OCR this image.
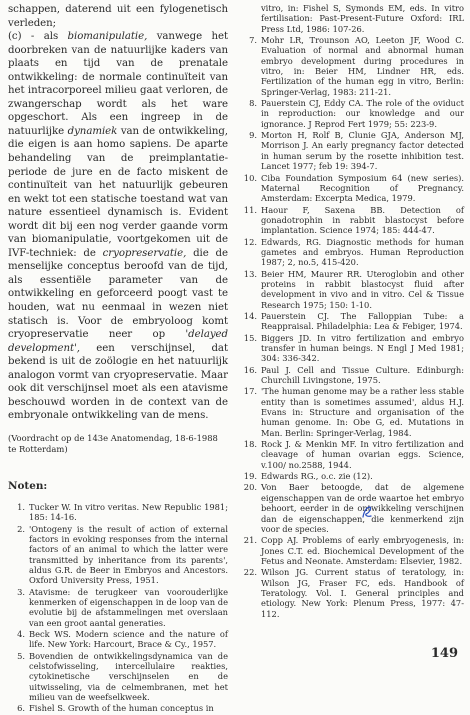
schappen, daterend uit een fylogenetisch verleden;

(c) - als biomanipulatie, vanwege het doorbreken van de natuurlijke kaders van plaats en tijd van de prenatale ontwikkeling: de normale continuïteit van het intracorporeel milieu gaat verloren, de zwangerschap wordt als het ware opgeschort. Als een ingreep in de natuurlijke dynamiek van de ontwikkeling, die eigen is aan homo sapiens. De aparte behandeling van de preimplantatie-periode de jure en de facto miskent de continuïteit van het natuurlijk gebeuren en wekt tot een statische toestand wat van nature essentieel dynamisch is. Evident wordt dit bij een nog verder gaande vorm van biomanipulatie, voortgekomen uit de IVF-techniek: de cryopreservatie, die de menselijke conceptus beroofd van de tijd, als essentiële parameter van de ontwikkeling en geforceerd poogt vast te houden, wat nu eenmaal in wezen niet statisch is. Voor de embryoloog komt cryopreservatie neer op 'delayed development', een verschijnsel, dat bekend is uit de zoölogie en het natuurlijk analogon vormt van cryopreservatie. Maar ook dit verschijnsel moet als een atavisme beschouwd worden in de context van de embryonale ontwikkeling van de mens.

(Voordracht op de 143e Anatomendag, 18-6-1988 te Rotterdam)

Noten:
1. Tucker W. In vitro veritas. New Republic 1981; 185: 14-16.
2. 'Ontogeny is the result of action of external factors in evoking responses from the internal factors of an animal to which the latter were transmitted by inheritance from its parents', aldus G.R. de Beer in Embryos and Ancestors. Oxford University Press, 1951.
3. Atavisme: de terugkeer van voorouderlijke kenmerken of eigenschappen in de loop van de evolutie bij de afstammelingen met overslaan van een groot aantal generaties.
4. Beck WS. Modern science and the nature of life. New York: Harcourt, Brace & Cy., 1957.
5. Bovendien de ontwikkelingsdynamica van de celstofwisseling, intercellulaire reakties, cytokinetische verschijnselen en de uitwisseling, via de celmembranen, met het milieu van de weefselkweek.
6. Fishel S. Growth of the human conceptus in
vitro, in: Fishel S, Symonds EM, eds. In vitro fertilisation: Past-Present-Future Oxford: IRL Press Ltd, 1986: 107-26.
7. Mohr LR, Trounson AO, Leeton JF, Wood C. Evaluation of normal and abnormal human embryo development during procedures in vitro, in: Beier HM, Lindner HR, eds. Fertilization of the human egg in vitro, Berlin: Springer-Verlag, 1983: 211-21.
8. Pauerstein CJ, Eddy CA. The role of the oviduct in reproduction: our knowledge and our ignorance. J Reprod Fert 1979; 55: 223-9.
9. Morton H, Rolf B, Clunie GJA, Anderson MJ, Morrison J. An early pregnancy factor detected in human serum by the rosette inhibition test. Lancet 1977; feb 19: 394-7.
10. Ciba Foundation Symposium 64 (new series). Maternal Recognition of Pregnancy. Amsterdam: Excerpta Medica, 1979.
11. Haour F, Saxena BB. Detection of gonadotrophin in rabbit blastocyst before implantation. Science 1974; 185: 444-47.
12. Edwards, RG. Diagnostic methods for human gametes and embryos. Human Reproduction 1987; 2, no.5, 415-420.
13. Beier HM, Maurer RR. Uteroglobin and other proteins in rabbit blastocyst fluid after development in vivo and in vitro. Cel & Tissue Research 1975; 150: 1-10.
14. Pauerstein CJ. The Falloppian Tube: a Reappraisal. Philadelphia: Lea & Febiger, 1974.
15. Biggers JD. In vitro fertilization and embryo transfer in human beings. N Engl J Med 1981; 304: 336-342.
16. Paul J. Cell and Tissue Culture. Edinburgh: Churchill Livingstone, 1975.
17. 'The human genome may be a rather less stable entity than is sometimes assumed', aldus H.J. Evans in: Structure and organisation of the human genome. In: Obe G, ed. Mutations in Man. Berlin: Springer-Verlag, 1984.
18. Rock J. & Menkin MF. In vitro fertilization and cleavage of human ovarian eggs. Science, v.100/ no.2588, 1944.
19. Edwards RG., o.c. zie (12).
20. Von Baer betoogde, dat de algemene eigenschappen van de orde waartoe het embryo behoort, eerder in de ontwikkeling verschijnen dan de eigenschappen, die kenmerkend zijn voor de species.
21. Copp AJ. Problems of early embryogenesis, in: Jones C.T. ed. Biochemical Development of the Fetus and Neonate. Amsterdam: Elsevier, 1982.
22. Wilson JG. Current status of teratology, in: Wilson JG, Fraser FC, eds. Handbook of Teratology. Vol. I. General principles and etiology. New York: Plenum Press, 1977: 47-112.
149
